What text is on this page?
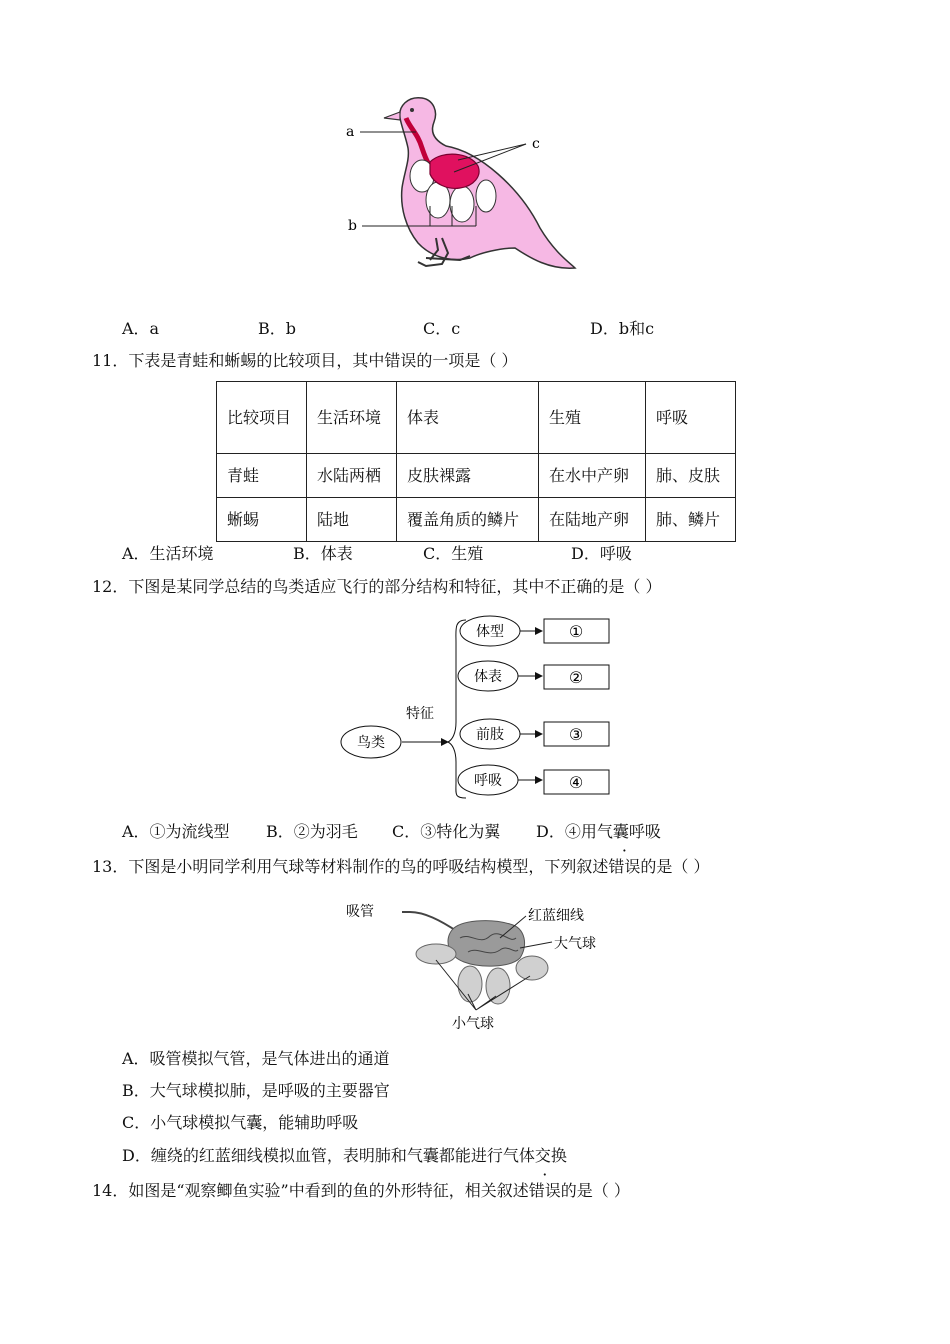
a
c
b
A．a	B．b	C．c	D．b和c
11．下表是青蛙和蜥蜴的比较项目，其中错误的一项是（ ）
比较项目	生活环境	体表	生殖	呼吸
青蛙	水陆两栖	皮肤裸露	在水中产卵	肺、皮肤
蜥蜴	陆地	覆盖角质的鳞片	在陆地产卵	肺、鳞片
A．生活环境	B．体表	C．生殖	D．呼吸
12．下图是某同学总结的鸟类适应飞行的部分结构和特征，其中不正确的是（ ）
鸟类
特征
体型
体表
前肢
呼吸
①
②
③
④
A．①为流线型 B．②为羽毛 C．③特化为翼 D．④用气囊呼吸
13．下图是小明同学利用气球等材料制作的鸟的呼吸结构模型，下列叙述错误的是（ ）
吸管	红蓝细线
大气球
小气球
A．吸管模拟气管，是气体进出的通道
B．大气球模拟肺，是呼吸的主要器官
C．小气球模拟气囊，能辅助呼吸
D．缠绕的红蓝细线模拟血管，表明肺和气囊都能进行气体交换
14．如图是“观察鲫鱼实验”中看到的鱼的外形特征，相关叙述错误的是（ ）
